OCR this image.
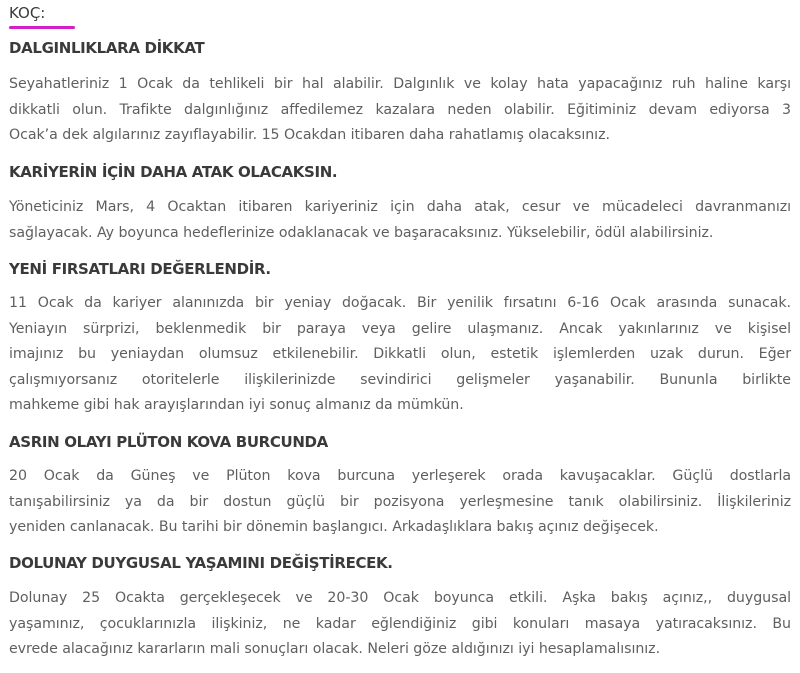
KOÇ:
DALGINLIKLARA DİKKAT

Seyahatleriniz 1 Ocak da tehlikeli bir hal alabilir. Dalgınlık ve kolay hata yapacağınız ruh haline karşı
dikkatli olun. Trafikte dalgınlığınız affedilemez kazalara neden olabilir. Eğitiminiz devam ediyorsa 3
Ocak’a dek algılarınız zayıflayabilir. 15 Ocakdan itibaren daha rahatlamış olacaksınız.

KARİYERİN İÇİN DAHA ATAK OLACAKSIN.

Yöneticiniz Mars, 4 Ocaktan itibaren kariyeriniz için daha atak, cesur ve mücadeleci davranmanızı
sağlayacak. Ay boyunca hedeflerinize odaklanacak ve başaracaksınız. Yükselebilir, ödül alabilirsiniz.

YENİ FIRSATLARI DEĞERLENDİR.

11 Ocak da kariyer alanınızda bir yeniay doğacak. Bir yenilik fırsatını 6-16 Ocak arasında sunacak.
Yeniayın sürprizi, beklenmedik bir paraya veya gelire ulaşmanız. Ancak yakınlarınız ve kişisel
imajınız bu yeniaydan olumsuz etkilenebilir. Dikkatli olun, estetik işlemlerden uzak durun. Eğer
çalışmıyorsanız otoritelerle ilişkilerinizde sevindirici gelişmeler yaşanabilir. Bununla birlikte
mahkeme gibi hak arayışlarından iyi sonuç almanız da mümkün.

ASRIN OLAYI PLÜTON KOVA BURCUNDA

20 Ocak da Güneş ve Plüton kova burcuna yerleşerek orada kavuşacaklar. Güçlü dostlarla
tanışabilirsiniz ya da bir dostun güçlü bir pozisyona yerleşmesine tanık olabilirsiniz. İlişkileriniz
yeniden canlanacak. Bu tarihi bir dönemin başlangıcı. Arkadaşlıklara bakış açınız değişecek.

DOLUNAY DUYGUSAL YAŞAMINI DEĞİŞTİRECEK.

Dolunay 25 Ocakta gerçekleşecek ve 20-30 Ocak boyunca etkili. Aşka bakış açınız,, duygusal
yaşamınız, çocuklarınızla ilişkiniz, ne kadar eğlendiğiniz gibi konuları masaya yatıracaksınız. Bu
evrede alacağınız kararların mali sonuçları olacak. Neleri göze aldığınızı iyi hesaplamalısınız.
